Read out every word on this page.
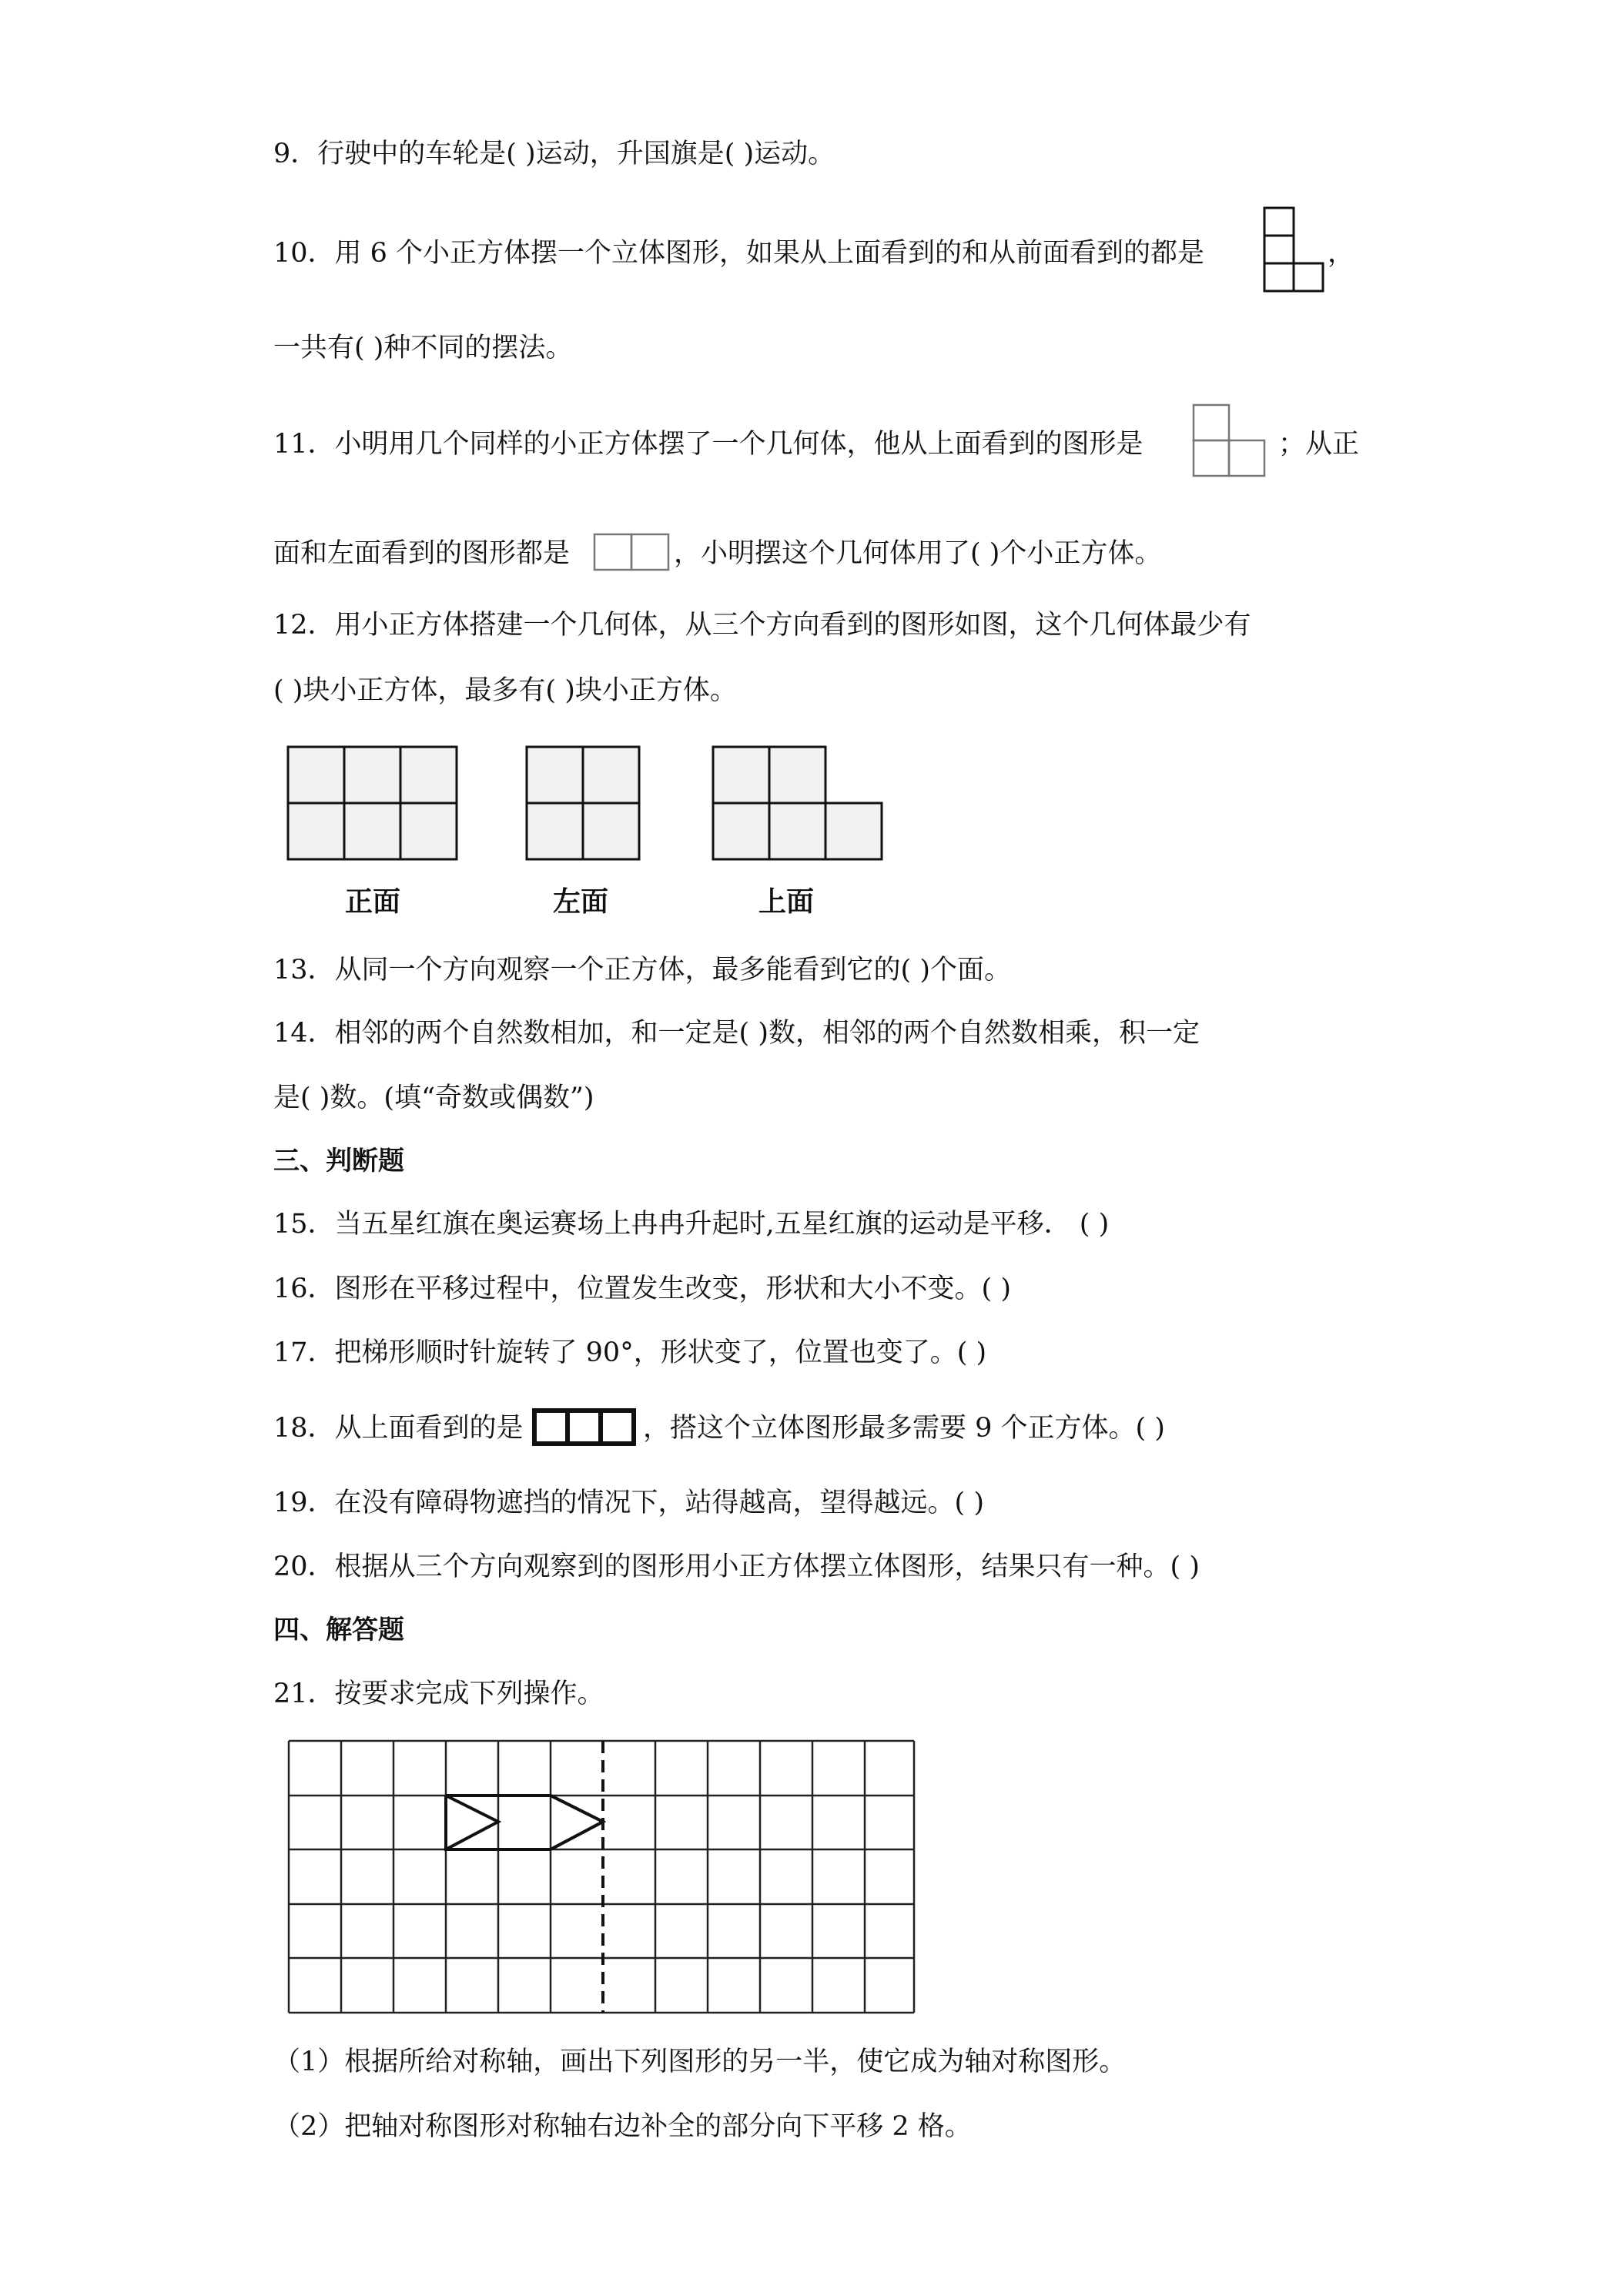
9．行驶中的车轮是( )运动，升国旗是( )运动。
10．用 6 个小正方体摆一个立体图形，如果从上面看到的和从前面看到的都是	，
一共有( )种不同的摆法。
11．小明用几个同样的小正方体摆了一个几何体，他从上面看到的图形是	；从正
面和左面看到的图形都是	，小明摆这个几何体用了( )个小正方体。
12．用小正方体搭建一个几何体，从三个方向看到的图形如图，这个几何体最少有
( )块小正方体，最多有( )块小正方体。
正面	左面	上面
13．从同一个方向观察一个正方体，最多能看到它的( )个面。
14．相邻的两个自然数相加，和一定是( )数，相邻的两个自然数相乘，积一定
是( )数。(填“奇数或偶数”)
三、判断题
15．当五星红旗在奥运赛场上冉冉升起时,五星红旗的运动是平移． ( )
16．图形在平移过程中，位置发生改变，形状和大小不变。( )
17．把梯形顺时针旋转了 90°，形状变了，位置也变了。( )
18．从上面看到的是	，搭这个立体图形最多需要 9 个正方体。( )
19．在没有障碍物遮挡的情况下，站得越高，望得越远。( )
20．根据从三个方向观察到的图形用小正方体摆立体图形，结果只有一种。( )
四、解答题
21．按要求完成下列操作。
（1）根据所给对称轴，画出下列图形的另一半，使它成为轴对称图形。
（2）把轴对称图形对称轴右边补全的部分向下平移 2 格。
